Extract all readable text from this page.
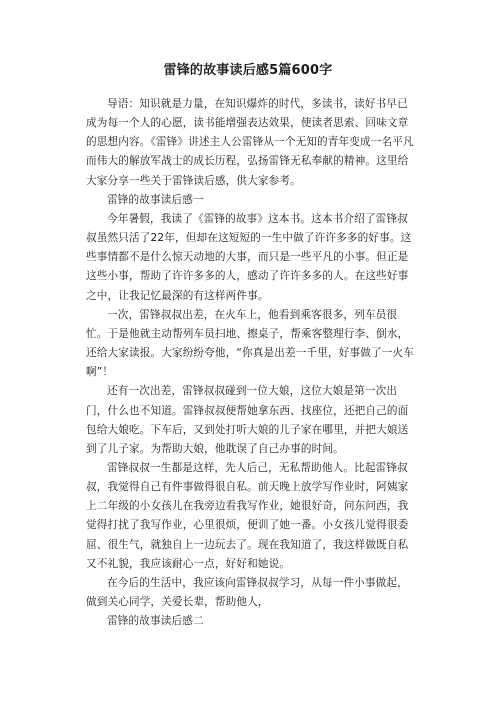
雷锋的故事读后感5篇600字

导语：知识就是力量，在知识爆炸的时代，多读书，读好书早已成为每一个人的心愿，读书能增强表达效果，使读者思索、回味文章的思想内容。《雷锋》讲述主人公雷锋从一个无知的青年变成一名平凡而伟大的解放军战士的成长历程，弘扬雷锋无私奉献的精神。这里给大家分享一些关于雷锋读后感，供大家参考。

雷锋的故事读后感一

今年暑假，我读了《雷锋的故事》这本书。这本书介绍了雷锋叔叔虽然只活了22年，但却在这短短的一生中做了许许多多的好事。这些事情都不是什么惊天动地的大事，而只是一些平凡的小事。但正是这些小事，帮助了许许多多的人，感动了许许多多的人。在这些好事之中，让我记忆最深的有这样两件事。

一次，雷锋叔叔出差，在火车上，他看到乘客很多，列车员很忙。于是他就主动帮列车员扫地、擦桌子，帮乘客整理行李、倒水，还给大家读报。大家纷纷夸他，“你真是出差一千里，好事做了一火车啊”！

还有一次出差，雷锋叔叔碰到一位大娘，这位大娘是第一次出门，什么也不知道。雷锋叔叔便帮她拿东西、找座位，还把自己的面包给大娘吃。下车后，又到处打听大娘的儿子家在哪里，并把大娘送到了儿子家。为帮助大娘，他耽误了自己办事的时间。

雷锋叔叔一生都是这样，先人后己，无私帮助他人。比起雷锋叔叔，我觉得自己有件事做得很自私。前天晚上放学写作业时，阿姨家上二年级的小女孩儿在我旁边看我写作业，她很好奇，问东问西，我觉得打扰了我写作业，心里很烦，便训了她一番。小女孩儿觉得很委屈、很生气，就独自上一边玩去了。现在我知道了，我这样做既自私又不礼貌，我应该耐心一点，好好和她说。

在今后的生活中，我应该向雷锋叔叔学习，从每一件小事做起，做到关心同学，关爱长辈，帮助他人，

雷锋的故事读后感二
